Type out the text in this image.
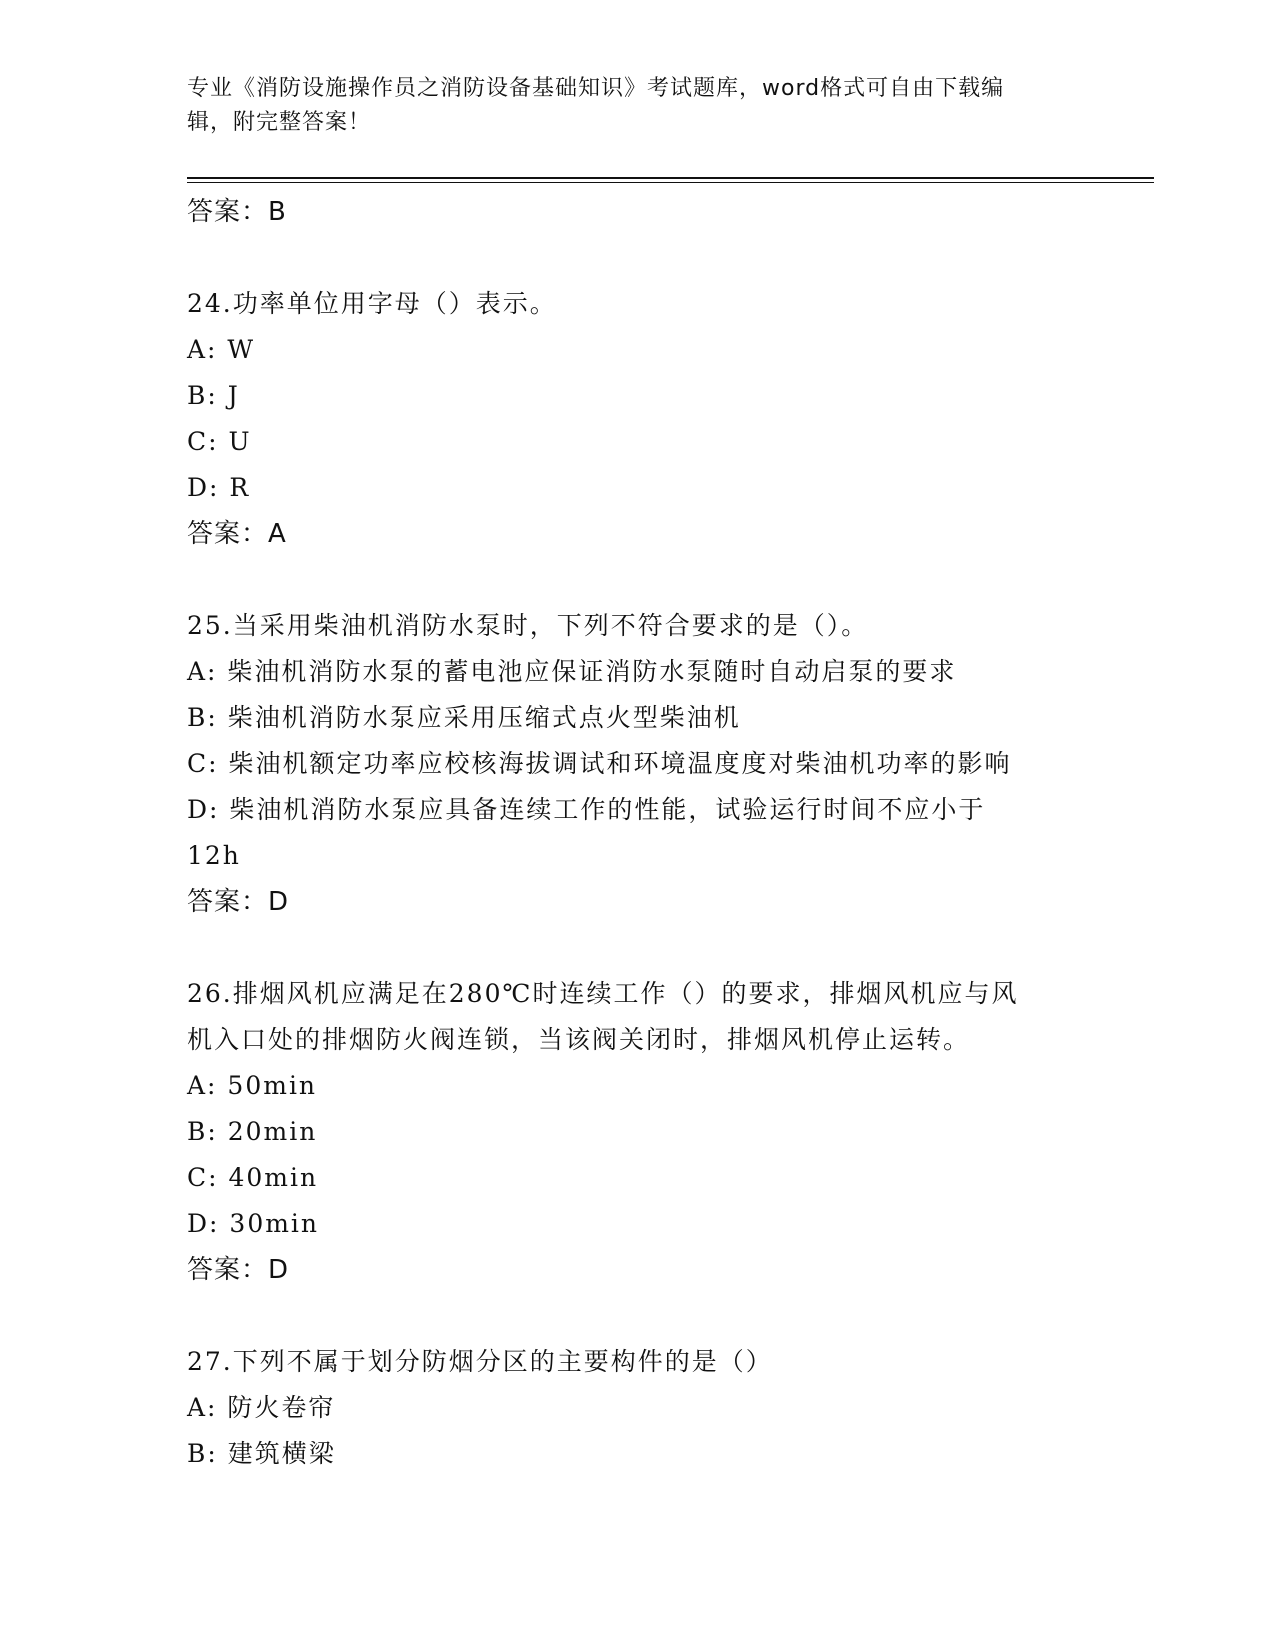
专业《消防设施操作员之消防设备基础知识》考试题库，word格式可自由下载编
辑，附完整答案！

答案：B

24.功率单位用字母（）表示。

A: W

B: J

C: U

D: R

答案：A

25.当采用柴油机消防水泵时，下列不符合要求的是（）。

A: 柴油机消防水泵的蓄电池应保证消防水泵随时自动启泵的要求

B: 柴油机消防水泵应采用压缩式点火型柴油机

C: 柴油机额定功率应校核海拔调试和环境温度度对柴油机功率的影响

D: 柴油机消防水泵应具备连续工作的性能，试验运行时间不应小于

12h

答案：D

26.排烟风机应满足在280℃时连续工作（）的要求，排烟风机应与风

机入口处的排烟防火阀连锁，当该阀关闭时，排烟风机停止运转。

A: 50min

B: 20min

C: 40min

D: 30min

答案：D

27.下列不属于划分防烟分区的主要构件的是（）

A: 防火卷帘

B: 建筑横梁
